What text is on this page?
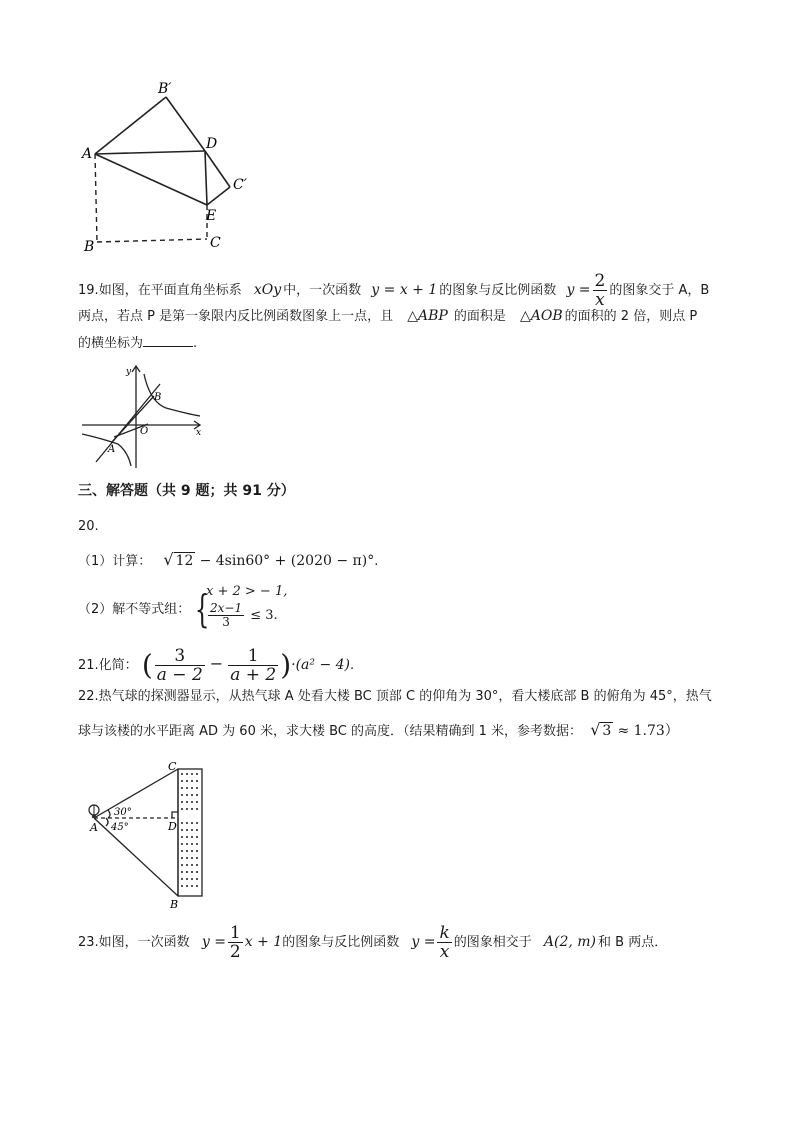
A
B′
D
C′
E
B	C
19.如图，在平面直角坐标系 xOy 中，一次函数 y = x + 1 的图象与反比例函数 $y = \frac{2}{x}$ 的图象交于 A，B
两点，若点 P 是第一象限内反比例函数图象上一点，且 △ABP 的面积是 △AOB 的面积的 2 倍，则点 P
的横坐标为	.
y
x
O
A
B
三、解答题（共 9 题；共 91 分）
20.
（1）计算： √ 12 − 4sin60° + (2020 − π)°.
（2）解不等式组： {
x + 2 > − 1,
$\frac{2x-1}{3} \le 3$.
21.化简： ( $\frac{3}{a - 2} - \frac{1}{a + 2} )\cdot(a^2 - 4)$.
22.热气球的探测器显示，从热气球 A 处看大楼 BC 顶部 C 的仰角为 30°，看大楼底部 B 的俯角为 45°，热气
球与该楼的水平距离 AD 为 60 米，求大楼 BC 的高度．（结果精确到 1 米，参考数据： √ 3 ≈ 1.73）
C
A	D
B
30°
45°
23.如图，一次函数 $y = \frac{1}{2}$ x + 1的图象与反比例函数 $y = \frac{k}{x}$ 的图象相交于 A(2, m) 和 B 两点．
